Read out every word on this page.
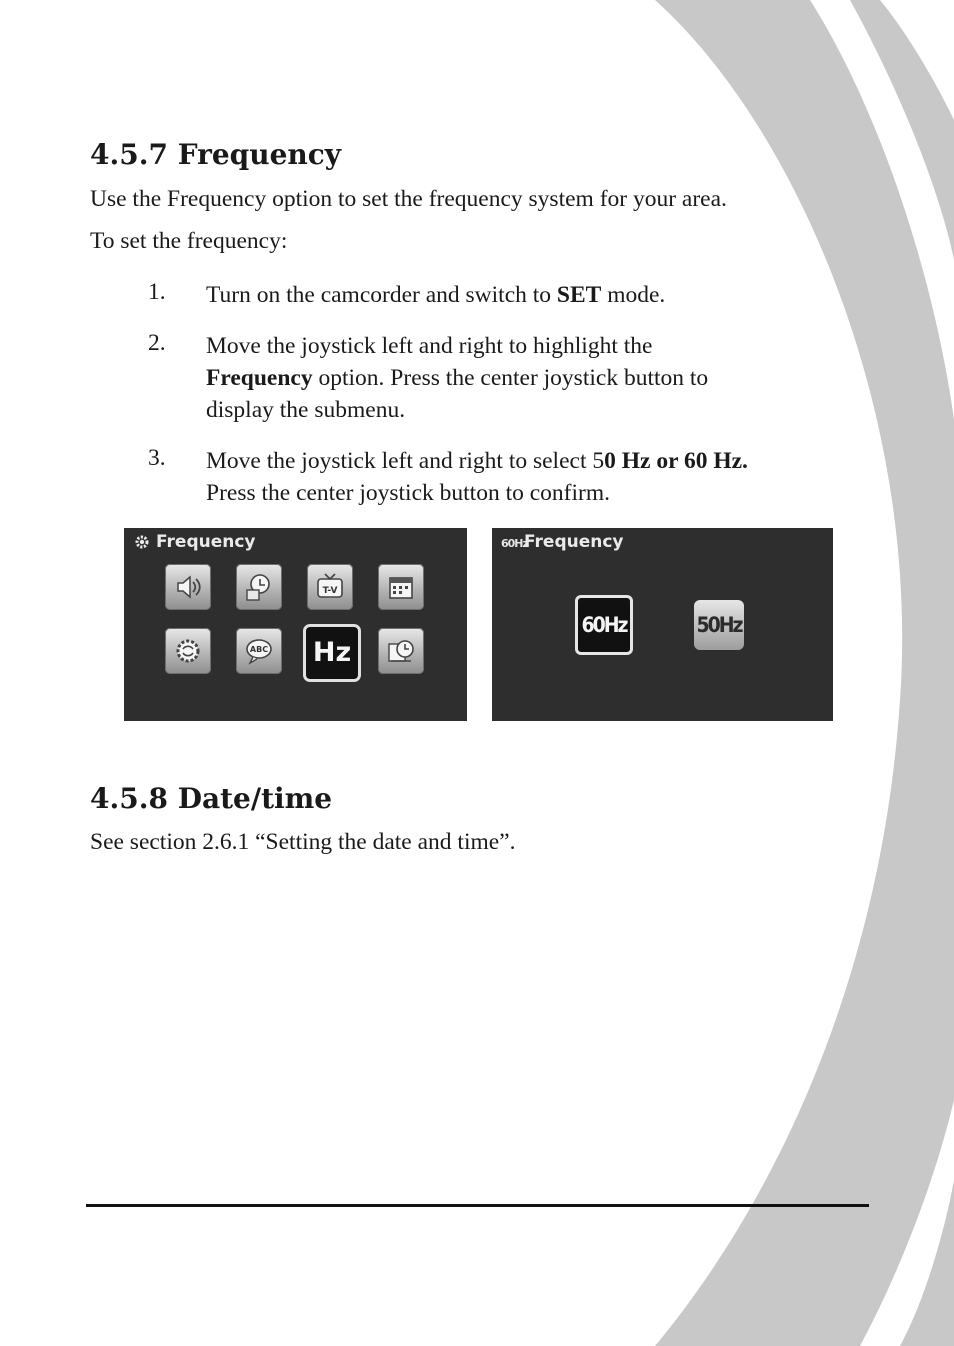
4.5.7 Frequency

Use the Frequency option to set the frequency system for your area.

To set the frequency:

1. Turn on the camcorder and switch to SET mode.
2. Move the joystick left and right to highlight the
Frequency option. Press the center joystick button to
display the submenu.
3. Move the joystick left and right to select 50 Hz or 60 Hz.
Press the center joystick button to confirm.
Frequency
T-V
ABC	Hz
60Hz
Frequency
60Hz	50Hz
4.5.8 Date/time

See section 2.6.1 “Setting the date and time”.
